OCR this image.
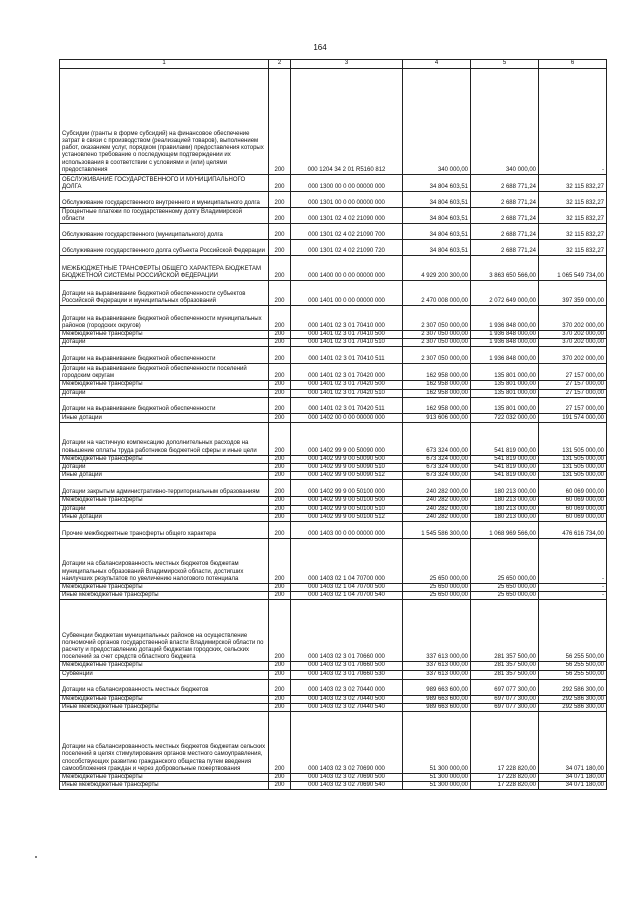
164
1	2	3	4	5	6
Субсидии (гранты в форме субсидий) на финансовое обеспечение затрат в связи с производством (реализацией товаров), выполнением работ, оказанием услуг, порядком (правилами) предоставления которых установлено требование о последующем подтверждении их использования в соответствии с условиями и (или) целями предоставления	200	000 1204 34 2 01 R5160 812	340 000,00	340 000,00	-
ОБСЛУЖИВАНИЕ ГОСУДАРСТВЕННОГО И МУНИЦИПАЛЬНОГО ДОЛГА	200	000 1300 00 0 00 00000 000	34 804 603,51	2 688 771,24	32 115 832,27
Обслуживание государственного внутреннего и муниципального долга	200	000 1301 00 0 00 00000 000	34 804 603,51	2 688 771,24	32 115 832,27
Процентные платежи по государственному долгу Владимирской области	200	000 1301 02 4 02 21090 000	34 804 603,51	2 688 771,24	32 115 832,27
Обслуживание государственного (муниципального) долга	200	000 1301 02 4 02 21090 700	34 804 603,51	2 688 771,24	32 115 832,27
Обслуживание государственного долга субъекта Российской Федерации	200	000 1301 02 4 02 21090 720	34 804 603,51	2 688 771,24	32 115 832,27
МЕЖБЮДЖЕТНЫЕ ТРАНСФЕРТЫ ОБЩЕГО ХАРАКТЕРА БЮДЖЕТАМ БЮДЖЕТНОЙ СИСТЕМЫ РОССИЙСКОЙ ФЕДЕРАЦИИ	200	000 1400 00 0 00 00000 000	4 929 200 300,00	3 863 650 566,00	1 065 549 734,00
Дотации на выравнивание бюджетной обеспеченности субъектов Российской Федерации и муниципальных образований	200	000 1401 00 0 00 00000 000	2 470 008 000,00	2 072 649 000,00	397 359 000,00
Дотации на выравнивание бюджетной обеспеченности муниципальных районов (городских округов)	200	000 1401 02 3 01 70410 000	2 307 050 000,00	1 936 848 000,00	370 202 000,00
Межбюджетные трансферты	200	000 1401 02 3 01 70410 500	2 307 050 000,00	1 936 848 000,00	370 202 000,00
Дотации	200	000 1401 02 3 01 70410 510	2 307 050 000,00	1 936 848 000,00	370 202 000,00
Дотации на выравнивание бюджетной обеспеченности	200	000 1401 02 3 01 70410 511	2 307 050 000,00	1 936 848 000,00	370 202 000,00
Дотации на выравнивание бюджетной обеспеченности поселений городским округам	200	000 1401 02 3 01 70420 000	162 958 000,00	135 801 000,00	27 157 000,00
Межбюджетные трансферты	200	000 1401 02 3 01 70420 500	162 958 000,00	135 801 000,00	27 157 000,00
Дотации	200	000 1401 02 3 01 70420 510	162 958 000,00	135 801 000,00	27 157 000,00
Дотации на выравнивание бюджетной обеспеченности	200	000 1401 02 3 01 70420 511	162 958 000,00	135 801 000,00	27 157 000,00
Иные дотации	200	000 1402 00 0 00 00000 000	913 606 000,00	722 032 000,00	191 574 000,00
Дотации на частичную компенсацию дополнительных расходов на повышение оплаты труда работников бюджетной сферы и иные цели	200	000 1402 99 9 00 50090 000	673 324 000,00	541 819 000,00	131 505 000,00
Межбюджетные трансферты	200	000 1402 99 9 00 50090 500	673 324 000,00	541 819 000,00	131 505 000,00
Дотации	200	000 1402 99 9 00 50090 510	673 324 000,00	541 819 000,00	131 505 000,00
Иные дотации	200	000 1402 99 9 00 50090 512	673 324 000,00	541 819 000,00	131 505 000,00
Дотации закрытым административно-территориальным образованиям	200	000 1402 99 9 00 50100 000	240 282 000,00	180 213 000,00	60 069 000,00
Межбюджетные трансферты	200	000 1402 99 9 00 50100 500	240 282 000,00	180 213 000,00	60 069 000,00
Дотации	200	000 1402 99 9 00 50100 510	240 282 000,00	180 213 000,00	60 069 000,00
Иные дотации	200	000 1402 99 9 00 50100 512	240 282 000,00	180 213 000,00	60 069 000,00
Прочие межбюджетные трансферты общего характера	200	000 1403 00 0 00 00000 000	1 545 586 300,00	1 068 969 566,00	476 616 734,00
Дотации на сбалансированность местных бюджетов бюджетам муниципальных образований Владимирской области, достигших наилучших результатов по увеличению налогового потенциала	200	000 1403 02 1 04 70700 000	25 650 000,00	25 650 000,00	-
Межбюджетные трансферты	200	000 1403 02 1 04 70700 500	25 650 000,00	25 650 000,00	-
Иные межбюджетные трансферты	200	000 1403 02 1 04 70700 540	25 650 000,00	25 650 000,00	-
Субвенции бюджетам муниципальных районов на осуществление полномочий органов государственной власти Владимирской области по расчету и предоставлению дотаций бюджетам городских, сельских поселений за счет средств областного бюджета	200	000 1403 02 3 01 70660 000	337 613 000,00	281 357 500,00	56 255 500,00
Межбюджетные трансферты	200	000 1403 02 3 01 70660 500	337 613 000,00	281 357 500,00	56 255 500,00
Субвенции	200	000 1403 02 3 01 70660 530	337 613 000,00	281 357 500,00	56 255 500,00
Дотации на сбалансированность местных бюджетов	200	000 1403 02 3 02 70440 000	989 663 600,00	697 077 300,00	292 586 300,00
Межбюджетные трансферты	200	000 1403 02 3 02 70440 500	989 663 600,00	697 077 300,00	292 586 300,00
Иные межбюджетные трансферты	200	000 1403 02 3 02 70440 540	989 663 600,00	697 077 300,00	292 586 300,00
Дотации на сбалансированность местных бюджетов бюджетам сельских поселений в целях стимулирования органов местного самоуправления, способствующих развитию гражданского общества путем введения самообложения граждан и через добровольные пожертвования	200	000 1403 02 3 02 70690 000	51 300 000,00	17 228 820,00	34 071 180,00
Межбюджетные трансферты	200	000 1403 02 3 02 70690 500	51 300 000,00	17 228 820,00	34 071 180,00
Иные межбюджетные трансферты	200	000 1403 02 3 02 70690 540	51 300 000,00	17 228 820,00	34 071 180,00
